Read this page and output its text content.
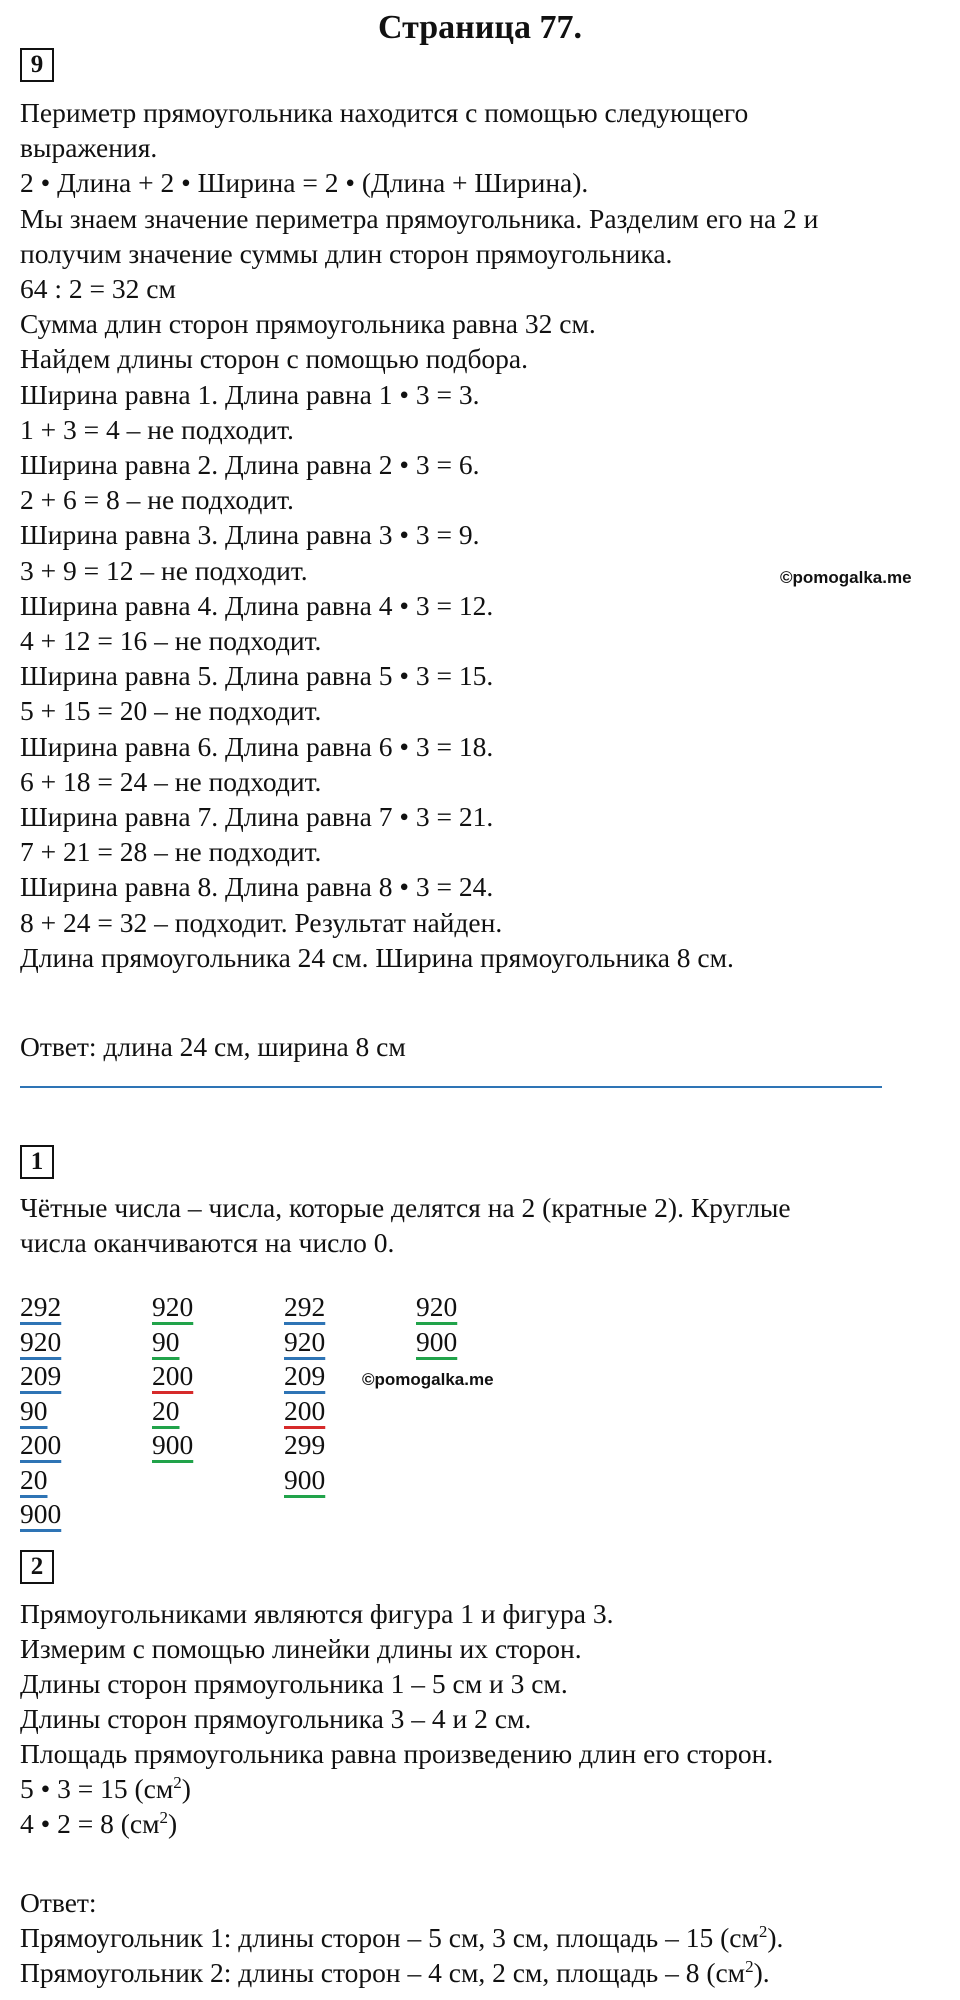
Страница 77.
9
Периметр прямоугольника находится с помощью следующего
выражения.
2 • Длина + 2 • Ширина = 2 • (Длина + Ширина).
Мы знаем значение периметра прямоугольника. Разделим его на 2 и
получим значение суммы длин сторон прямоугольника.
64 : 2 = 32 см
Сумма длин сторон прямоугольника равна 32 см.
Найдем длины сторон с помощью подбора.
Ширина равна 1. Длина равна 1 • 3 = 3.
1 + 3 = 4 – не подходит.
Ширина равна 2. Длина равна 2 • 3 = 6.
2 + 6 = 8 – не подходит.
Ширина равна 3. Длина равна 3 • 3 = 9.
3 + 9 = 12 – не подходит.
Ширина равна 4. Длина равна 4 • 3 = 12.
4 + 12 = 16 – не подходит.
Ширина равна 5. Длина равна 5 • 3 = 15.
5 + 15 = 20 – не подходит.
Ширина равна 6. Длина равна 6 • 3 = 18.
6 + 18 = 24 – не подходит.
Ширина равна 7. Длина равна 7 • 3 = 21.
7 + 21 = 28 – не подходит.
Ширина равна 8. Длина равна 8 • 3 = 24.
8 + 24 = 32 – подходит. Результат найден.
Длина прямоугольника 24 см. Ширина прямоугольника 8 см.
Ответ: длина 24 см, ширина 8 см
©pomogalka.me
1
Чётные числа – числа, которые делятся на 2 (кратные 2). Круглые
числа оканчиваются на число 0.
292
920
209
90
200
20
900
920
90
200
20
900
292
920
209
200
299
900
920
900
©pomogalka.me
2
Прямоугольниками являются фигура 1 и фигура 3.
Измерим с помощью линейки длины их сторон.
Длины сторон прямоугольника 1 – 5 см и 3 см.
Длины сторон прямоугольника 3 – 4 и 2 см.
Площадь прямоугольника равна произведению длин его сторон.
5 • 3 = 15 $(см^2)$
4 • 2 = 8 $(см^2)$
Ответ:
Прямоугольник 1: длины сторон – 5 см, 3 см, площадь – 15 $(см^2)$.
Прямоугольник 2: длины сторон – 4 см, 2 см, площадь – 8 $(см^2)$.
